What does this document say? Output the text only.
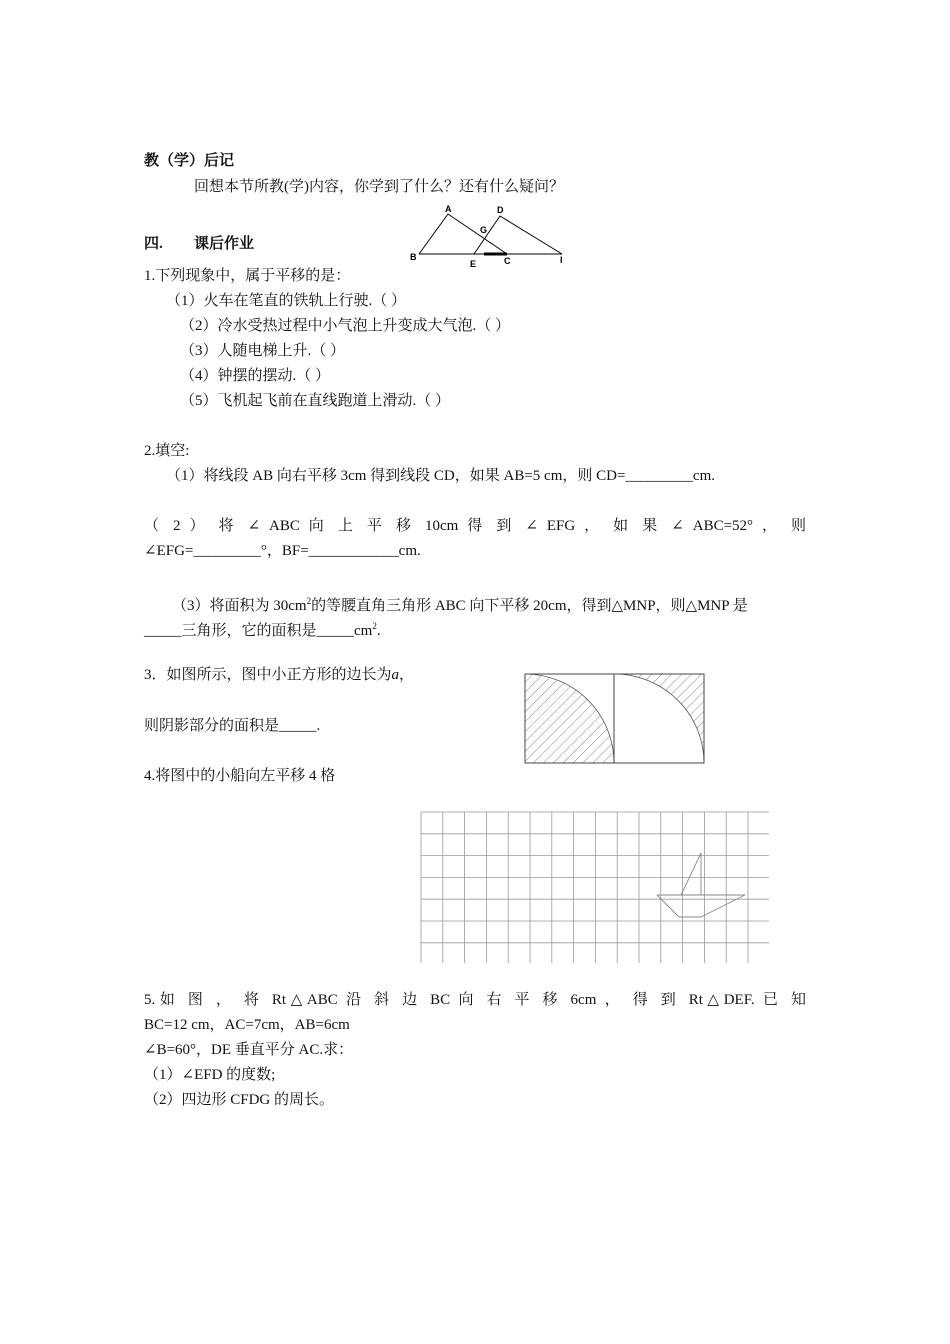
教（学）后记
回想本节所教(学)内容，你学到了什么？还有什么疑问？
A	D
G
B
E	C	I
四. 课后作业
1.下列现象中，属于平移的是：
（1）火车在笔直的铁轨上行驶.（ ）
（2）冷水受热过程中小气泡上升变成大气泡.（ ）
（3）人随电梯上升.（ ）
（4）钟摆的摆动.（ ）
（5）飞机起飞前在直线跑道上滑动.（ ）
2.填空:
（1）将线段 AB 向右平移 3cm 得到线段 CD，如果 AB=5 cm，则 CD=_________cm.
（ 2 ） 将 ∠ ABC 向 上 平 移 10cm 得 到 ∠ EFG ， 如 果 ∠ ABC=52° ， 则
∠EFG=_________°，BF=____________cm.
（3）将面积为 $30cm^2$的等腰直角三角形 ABC 向下平移 20cm，得到△MNP，则△MNP 是
_____三角形，它的面积是$\_\_\_\_\_cm^2$.
3．如图所示，图中小正方形的边长为a，
则阴影部分的面积是_____.
4.将图中的小船向左平移 4 格
5.如 图 ， 将 Rt△ABC 沿 斜 边 BC 向 右 平 移 6cm ， 得 到 Rt△DEF. 已 知
BC=12 cm，AC=7cm，AB=6cm
∠B=60°，DE 垂直平分 AC.求：
（1）∠EFD 的度数;
（2）四边形 CFDG 的周长。
